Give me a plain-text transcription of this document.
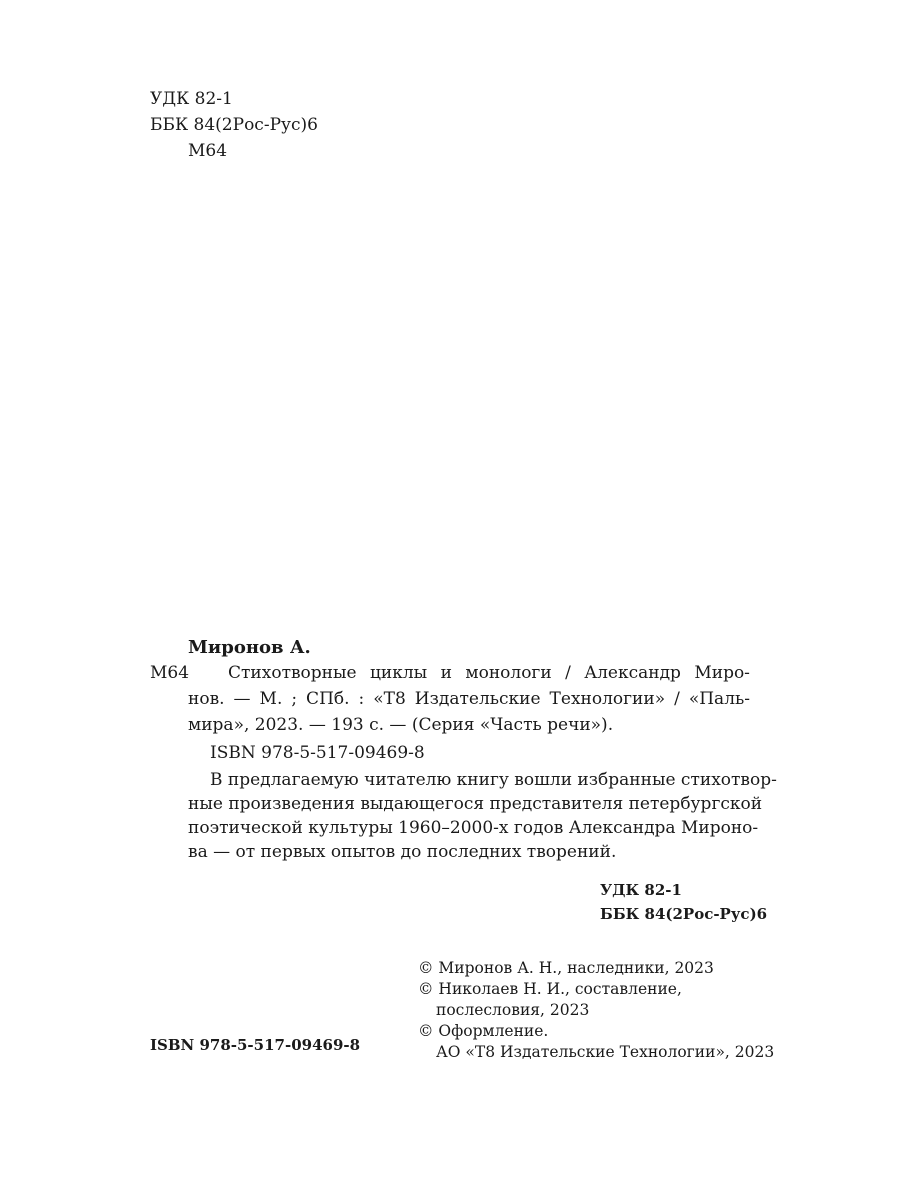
УДК 82-1
ББК 84(2Рос-Рус)6
М64
Миронов А.
М64 Стихотворные циклы и монологи / Александр Миро-
нов. — М. ; СПб. : «Т8 Издательские Технологии» / «Паль-
мира», 2023. — 193 с. — (Серия «Часть речи»).
ISBN 978-5-517-09469-8
В предлагаемую читателю книгу вошли избранные стихотвор-
ные произведения выдающегося представителя петербургской
поэтической культуры 1960–2000-х годов Александра Мироно-
ва — от первых опытов до последних творений.
УДК 82-1
ББК 84(2Рос-Рус)6
© Миронов А. Н., наследники, 2023
© Николаев Н. И., составление,
послесловия, 2023
© Оформление.
АО «Т8 Издательские Технологии», 2023
ISBN 978-5-517-09469-8
